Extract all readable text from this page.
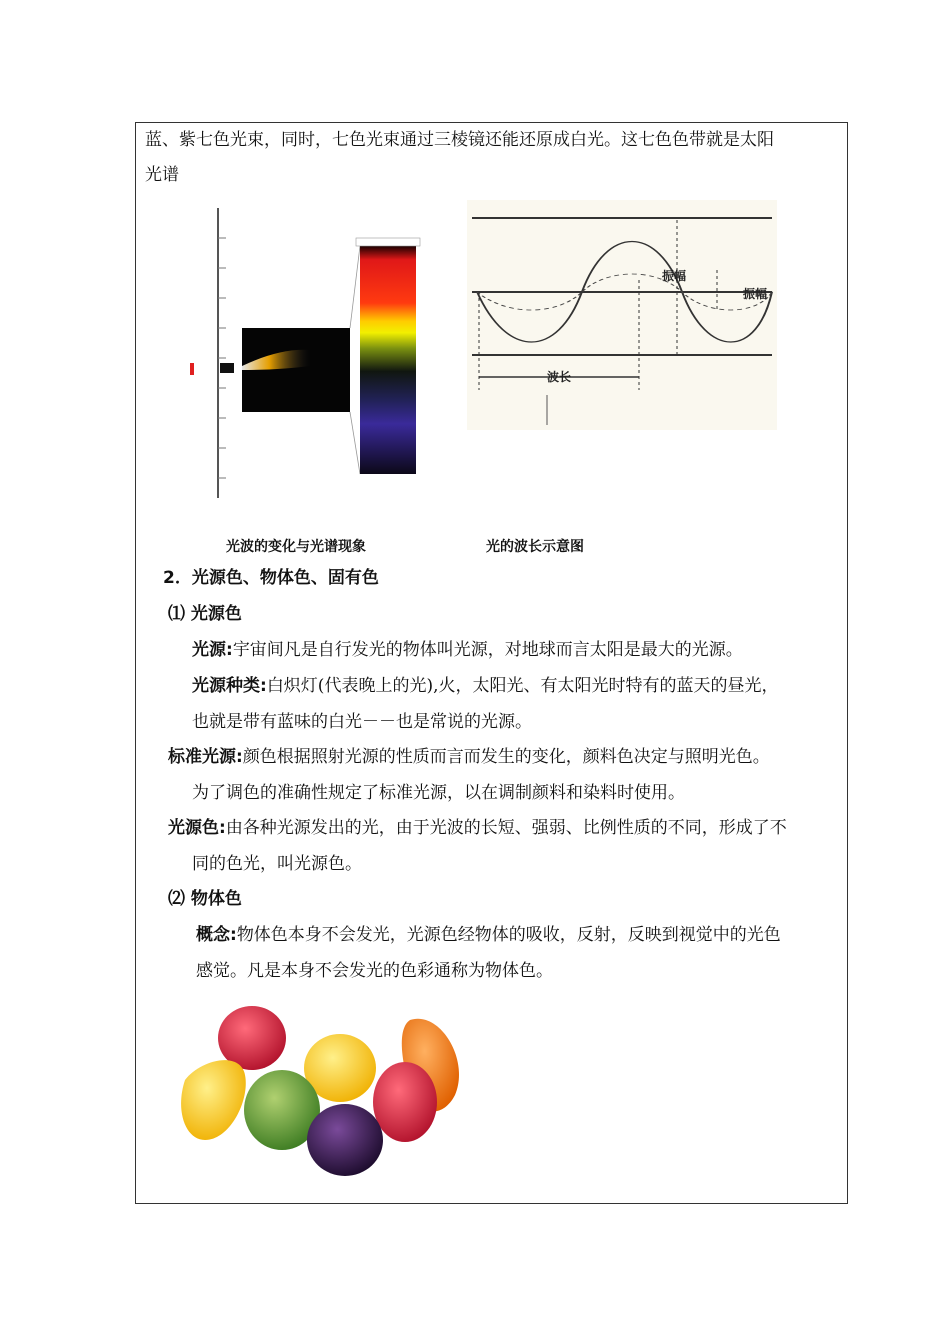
蓝、紫七色光束，同时，七色光束通过三棱镜还能还原成白光。这七色色带就是太阳
光谱
振幅
振幅
波长
光波的变化与光谱现象	光的波长示意图
2．光源色、物体色、固有色
⑴ 光源色
光源:宇宙间凡是自行发光的物体叫光源，对地球而言太阳是最大的光源。
光源种类:白炽灯(代表晚上的光),火，太阳光、有太阳光时特有的蓝天的昼光，
也就是带有蓝味的白光－－也是常说的光源。
标准光源:颜色根据照射光源的性质而言而发生的变化，颜料色决定与照明光色。
为了调色的准确性规定了标准光源，以在调制颜料和染料时使用。
光源色:由各种光源发出的光，由于光波的长短、强弱、比例性质的不同，形成了不
同的色光，叫光源色。
⑵ 物体色
概念:物体色本身不会发光，光源色经物体的吸收，反射，反映到视觉中的光色
感觉。凡是本身不会发光的色彩通称为物体色。
